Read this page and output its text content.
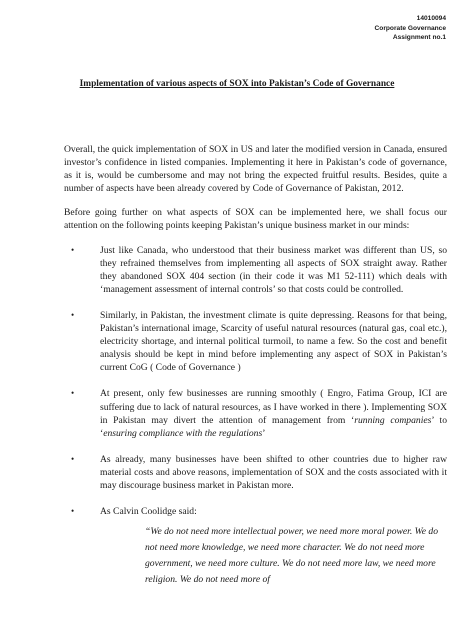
14010094
Corporate Governance
Assignment no.1
Implementation of various aspects of SOX into Pakistan’s Code of Governance

Overall, the quick implementation of SOX in US and later the modified version in Canada, ensured investor’s confidence in listed companies. Implementing it here in Pakistan’s code of governance, as it is, would be cumbersome and may not bring the expected fruitful results. Besides, quite a number of aspects have been already covered by Code of Governance of Pakistan, 2012.

Before going further on what aspects of SOX can be implemented here, we shall focus our attention on the following points keeping Pakistan’s unique business market in our minds:

•	Just like Canada, who understood that their business market was different than US, so they refrained themselves from implementing all aspects of SOX straight away. Rather they abandoned SOX 404 section (in their code it was M1 52-111) which deals with ‘management assessment of internal controls’ so that costs could be controlled.
•	Similarly, in Pakistan, the investment climate is quite depressing. Reasons for that being, Pakistan’s international image, Scarcity of useful natural resources (natural gas, coal etc.), electricity shortage, and internal political turmoil, to name a few. So the cost and benefit analysis should be kept in mind before implementing any aspect of SOX in Pakistan’s current CoG ( Code of Governance )
•	At present, only few businesses are running smoothly ( Engro, Fatima Group, ICI are suffering due to lack of natural resources, as I have worked in there ). Implementing SOX in Pakistan may divert the attention of management from ‘running companies’ to ‘ensuring compliance with the regulations’
•	As already, many businesses have been shifted to other countries due to higher raw material costs and above reasons, implementation of SOX and the costs associated with it may discourage business market in Pakistan more.
•	As Calvin Coolidge said:
“We do not need more intellectual power, we need more moral power. We do not need more knowledge, we need more character. We do not need more government, we need more culture. We do not need more law, we need more religion. We do not need more of
